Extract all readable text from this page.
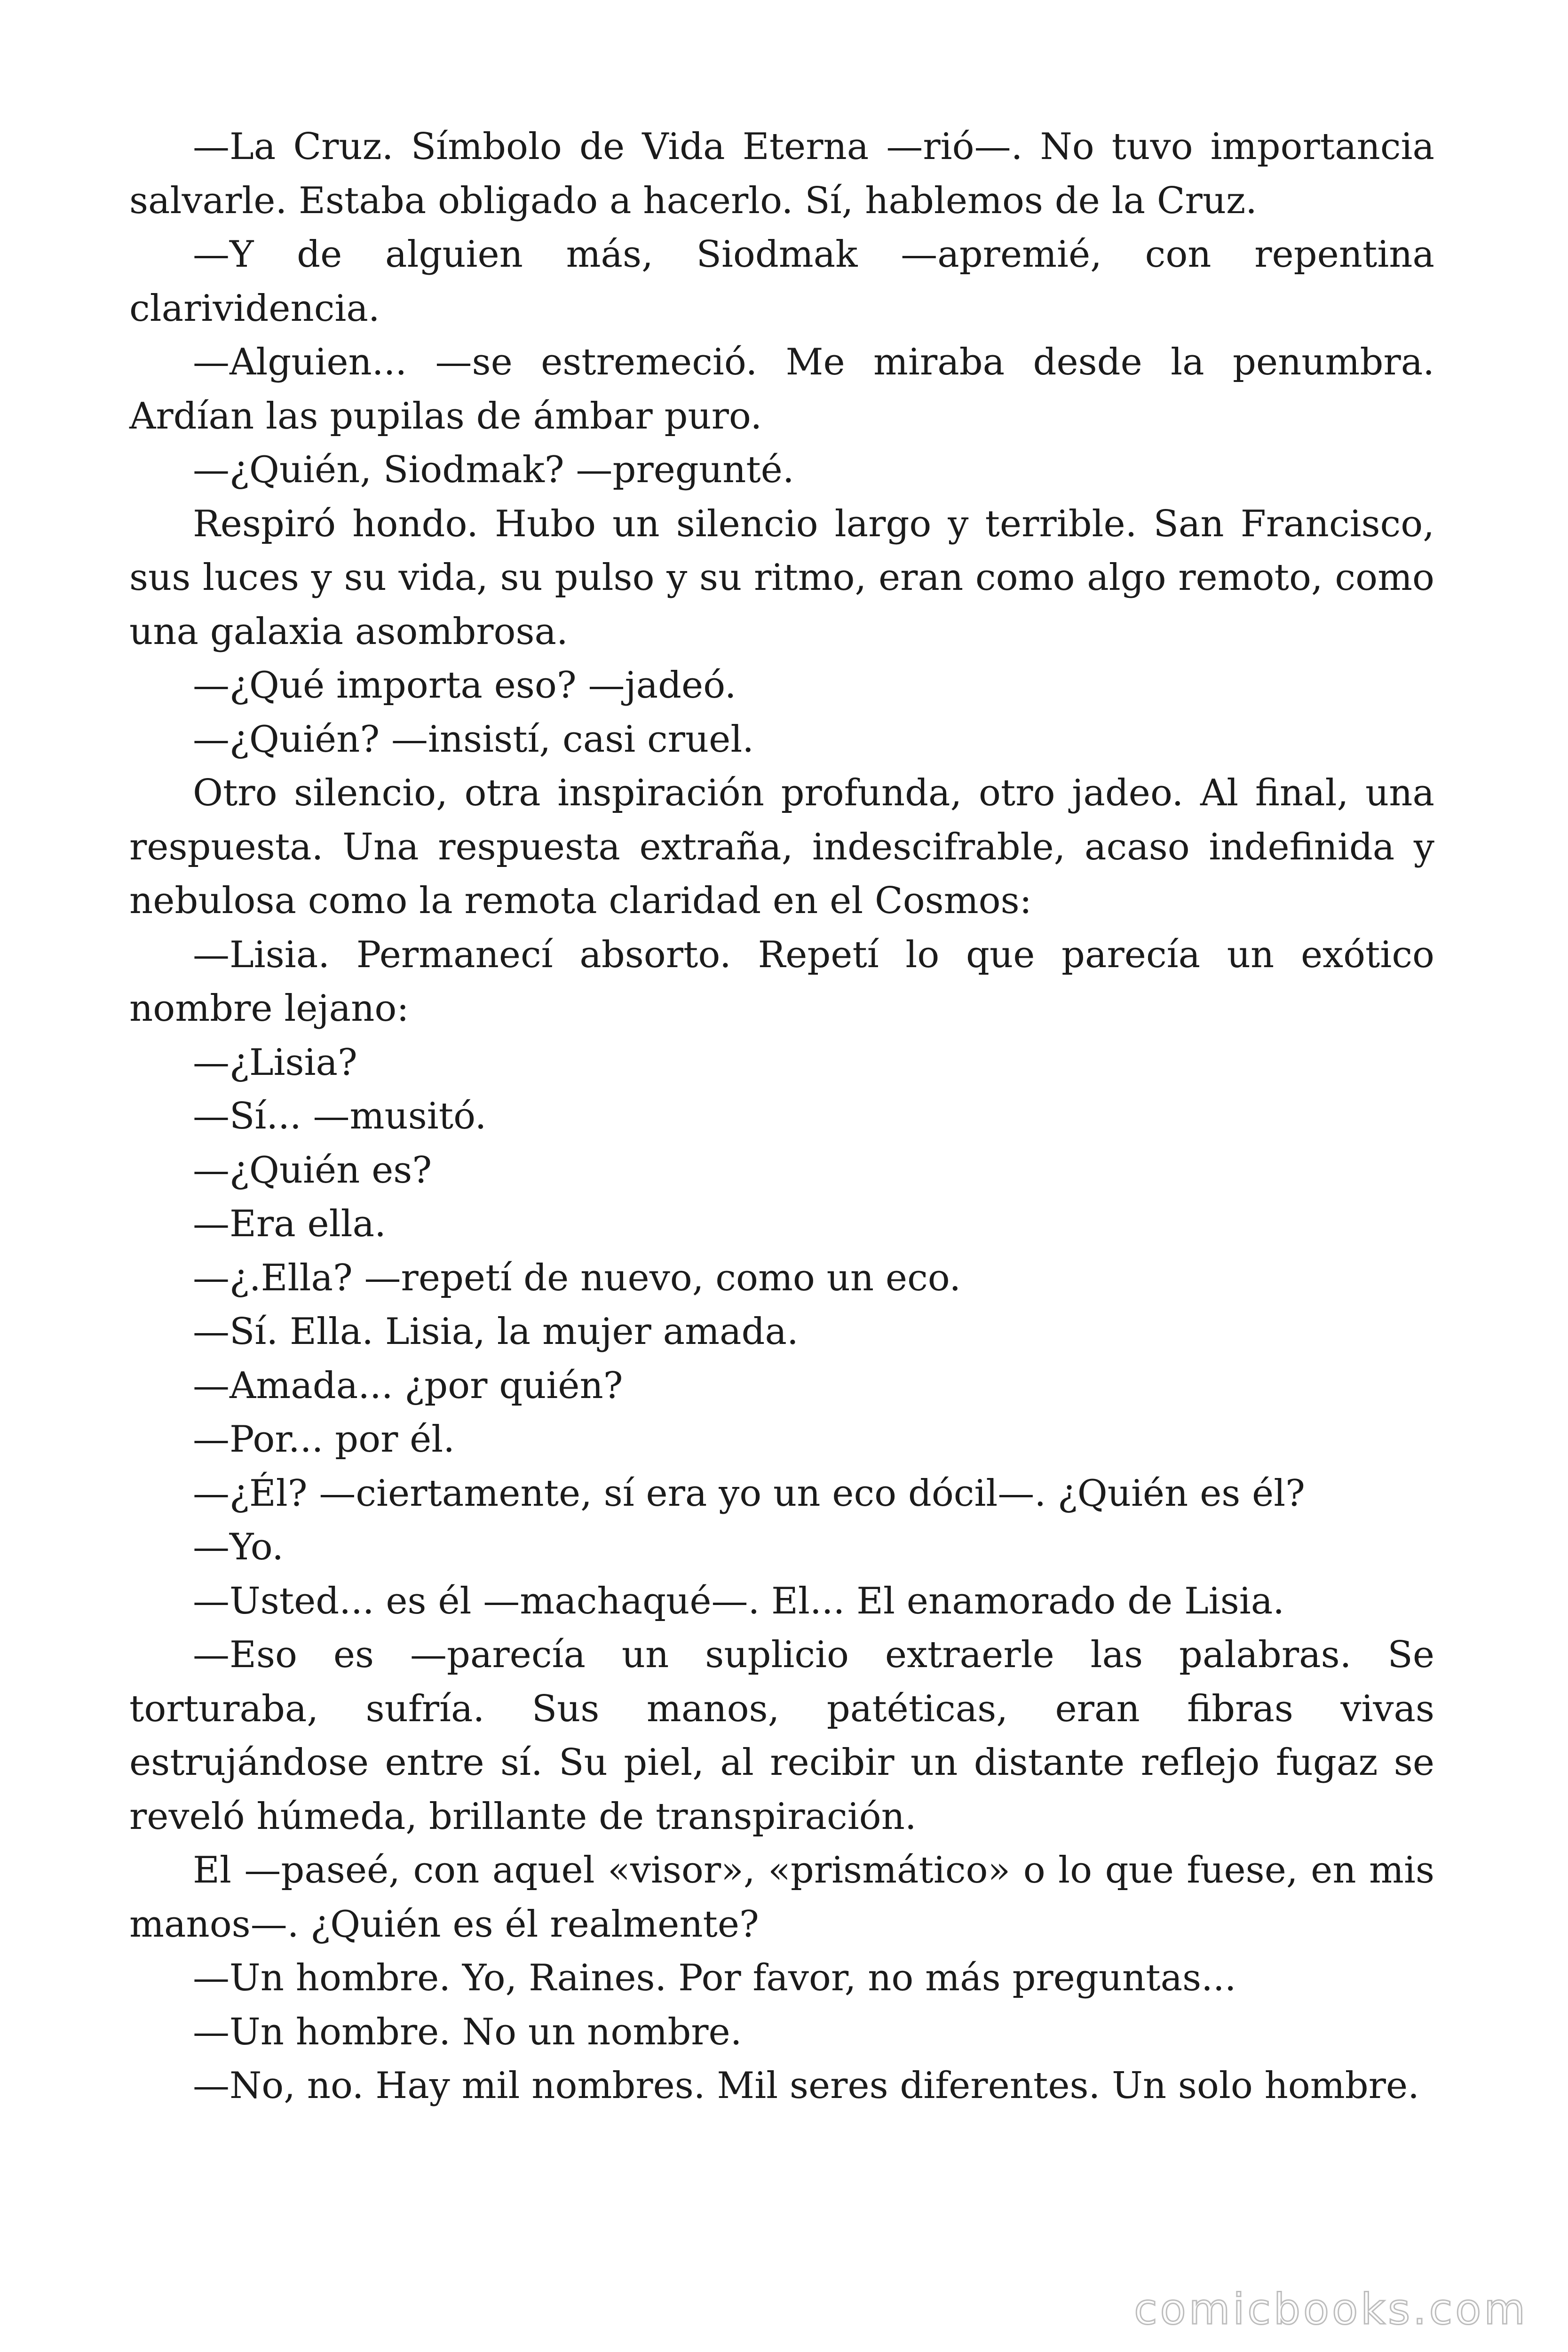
—La Cruz. Símbolo de Vida Eterna —rió—. No tuvo importancia salvarle. Estaba obligado a hacerlo. Sí, hablemos de la Cruz.

—Y de alguien más, Siodmak —apremié, con repentina clarividencia.

—Alguien... —se estremeció. Me miraba desde la penumbra. Ardían las pupilas de ámbar puro.

—¿Quién, Siodmak? —pregunté.

Respiró hondo. Hubo un silencio largo y terrible. San Francisco, sus luces y su vida, su pulso y su ritmo, eran como algo remoto, como una galaxia asombrosa.

—¿Qué importa eso? —jadeó.

—¿Quién? —insistí, casi cruel.

Otro silencio, otra inspiración profunda, otro jadeo. Al final, una respuesta. Una respuesta extraña, indescifrable, acaso indefinida y nebulosa como la remota claridad en el Cosmos:

—Lisia. Permanecí absorto. Repetí lo que parecía un exótico nombre lejano:

—¿Lisia?

—Sí... —musitó.

—¿Quién es?

—Era ella.

—¿.Ella? —repetí de nuevo, como un eco.

—Sí. Ella. Lisia, la mujer amada.

—Amada... ¿por quién?

—Por... por él.

—¿Él? —ciertamente, sí era yo un eco dócil—. ¿Quién es él?

—Yo.

—Usted... es él —machaqué—. El... El enamorado de Lisia.

—Eso es —parecía un suplicio extraerle las palabras. Se torturaba, sufría. Sus manos, patéticas, eran fibras vivas estrujándose entre sí. Su piel, al recibir un distante reflejo fugaz se reveló húmeda, brillante de transpiración.

El —paseé, con aquel «visor», «prismático» o lo que fuese, en mis manos—. ¿Quién es él realmente?

—Un hombre. Yo, Raines. Por favor, no más preguntas...

—Un hombre. No un nombre.

—No, no. Hay mil nombres. Mil seres diferentes. Un solo hombre.

comicbooks.com
